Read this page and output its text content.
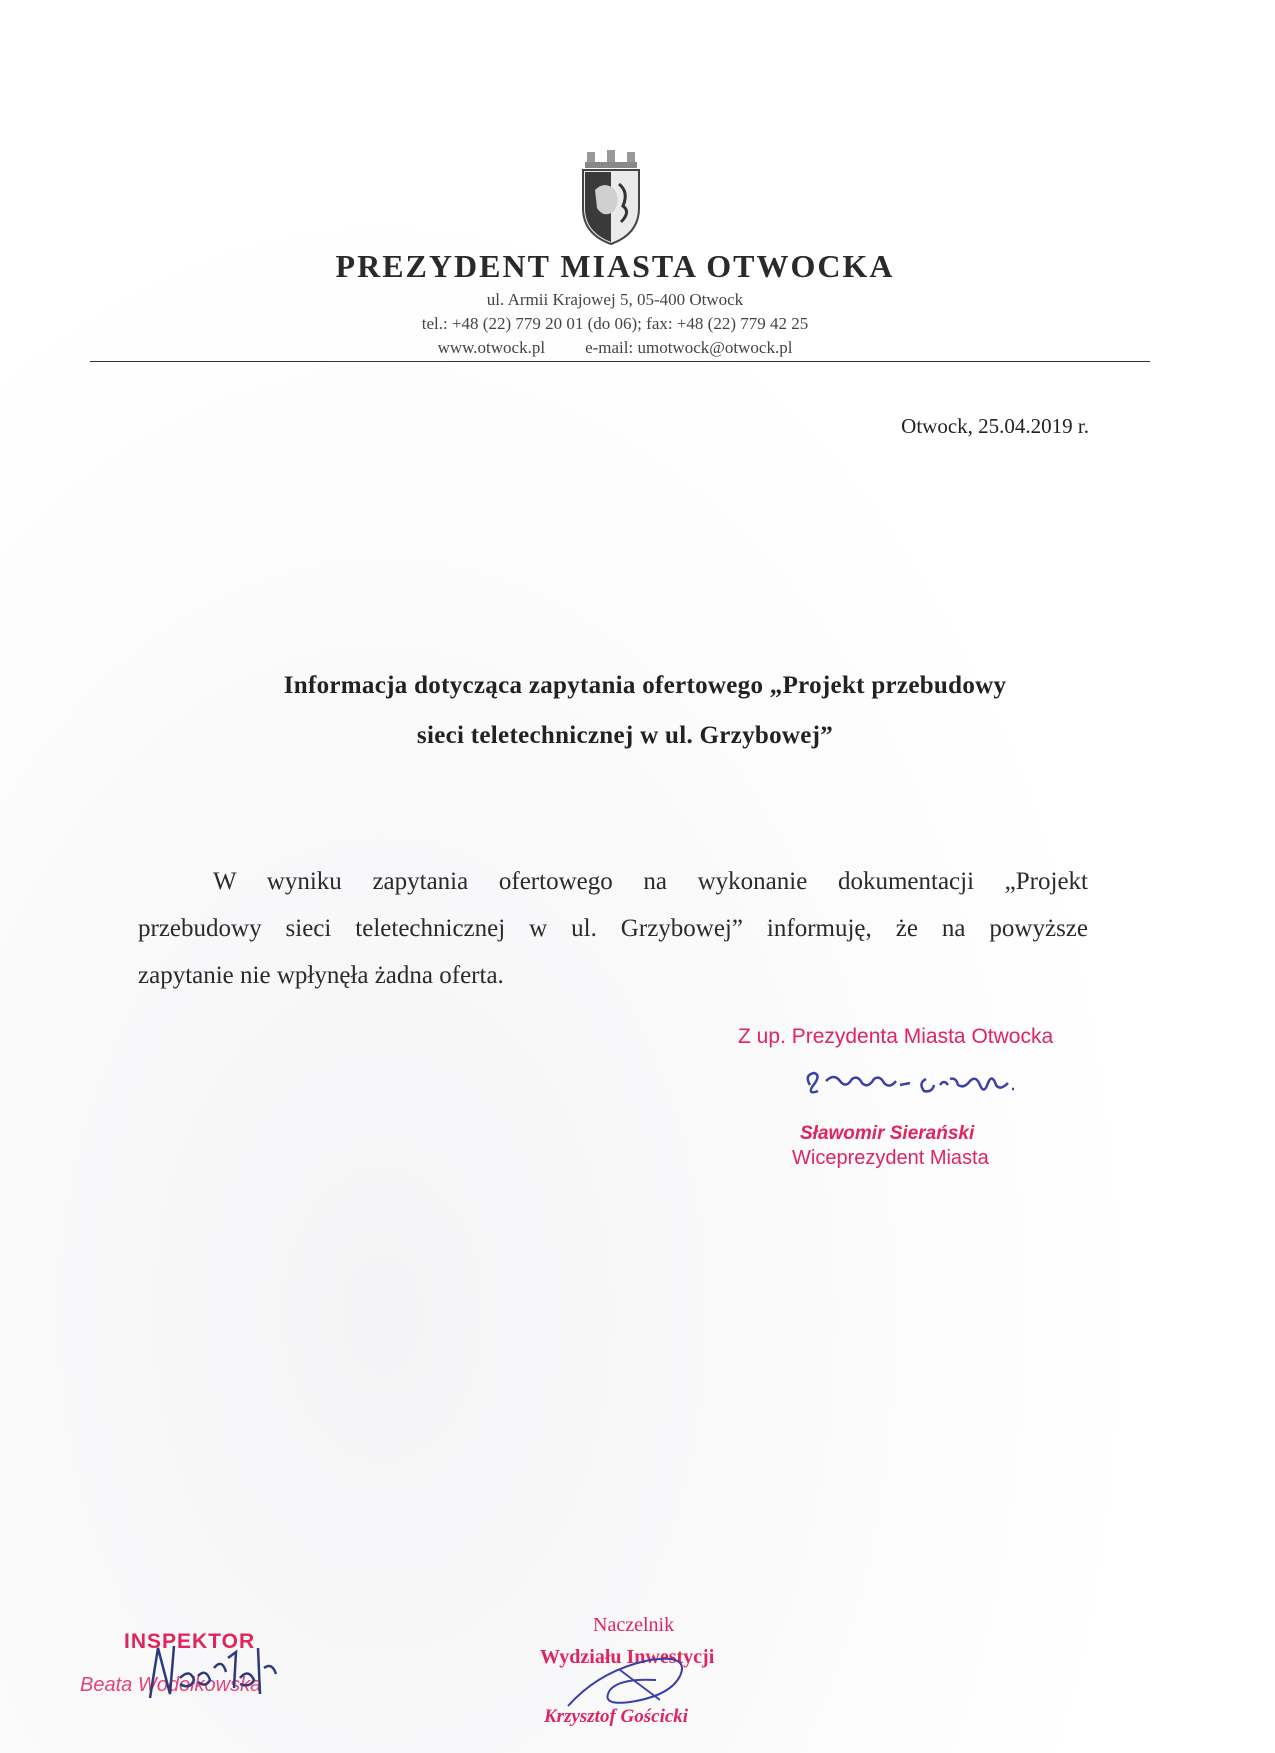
PREZYDENT MIASTA OTWOCKA
ul. Armii Krajowej 5, 05-400 Otwock
tel.: +48 (22) 779 20 01 (do 06); fax: +48 (22) 779 42 25
www.otwock.pl e-mail: umotwock@otwock.pl
Otwock, 25.04.2019 r.
Informacja dotycząca zapytania ofertowego „Projekt przebudowy
sieci teletechnicznej w ul. Grzybowej”

W wyniku zapytania ofertowego na wykonanie dokumentacji „Projekt

przebudowy sieci teletechnicznej w ul. Grzybowej” informuję, że na powyższe

zapytanie nie wpłynęła żadna oferta.

Z up. Prezydenta Miasta Otwocka
Sławomir Sierański
Wiceprezydent Miasta
INSPEKTOR
Beata Wodołkowska
Naczelnik
Wydziału Inwestycji
Krzysztof Gościcki
